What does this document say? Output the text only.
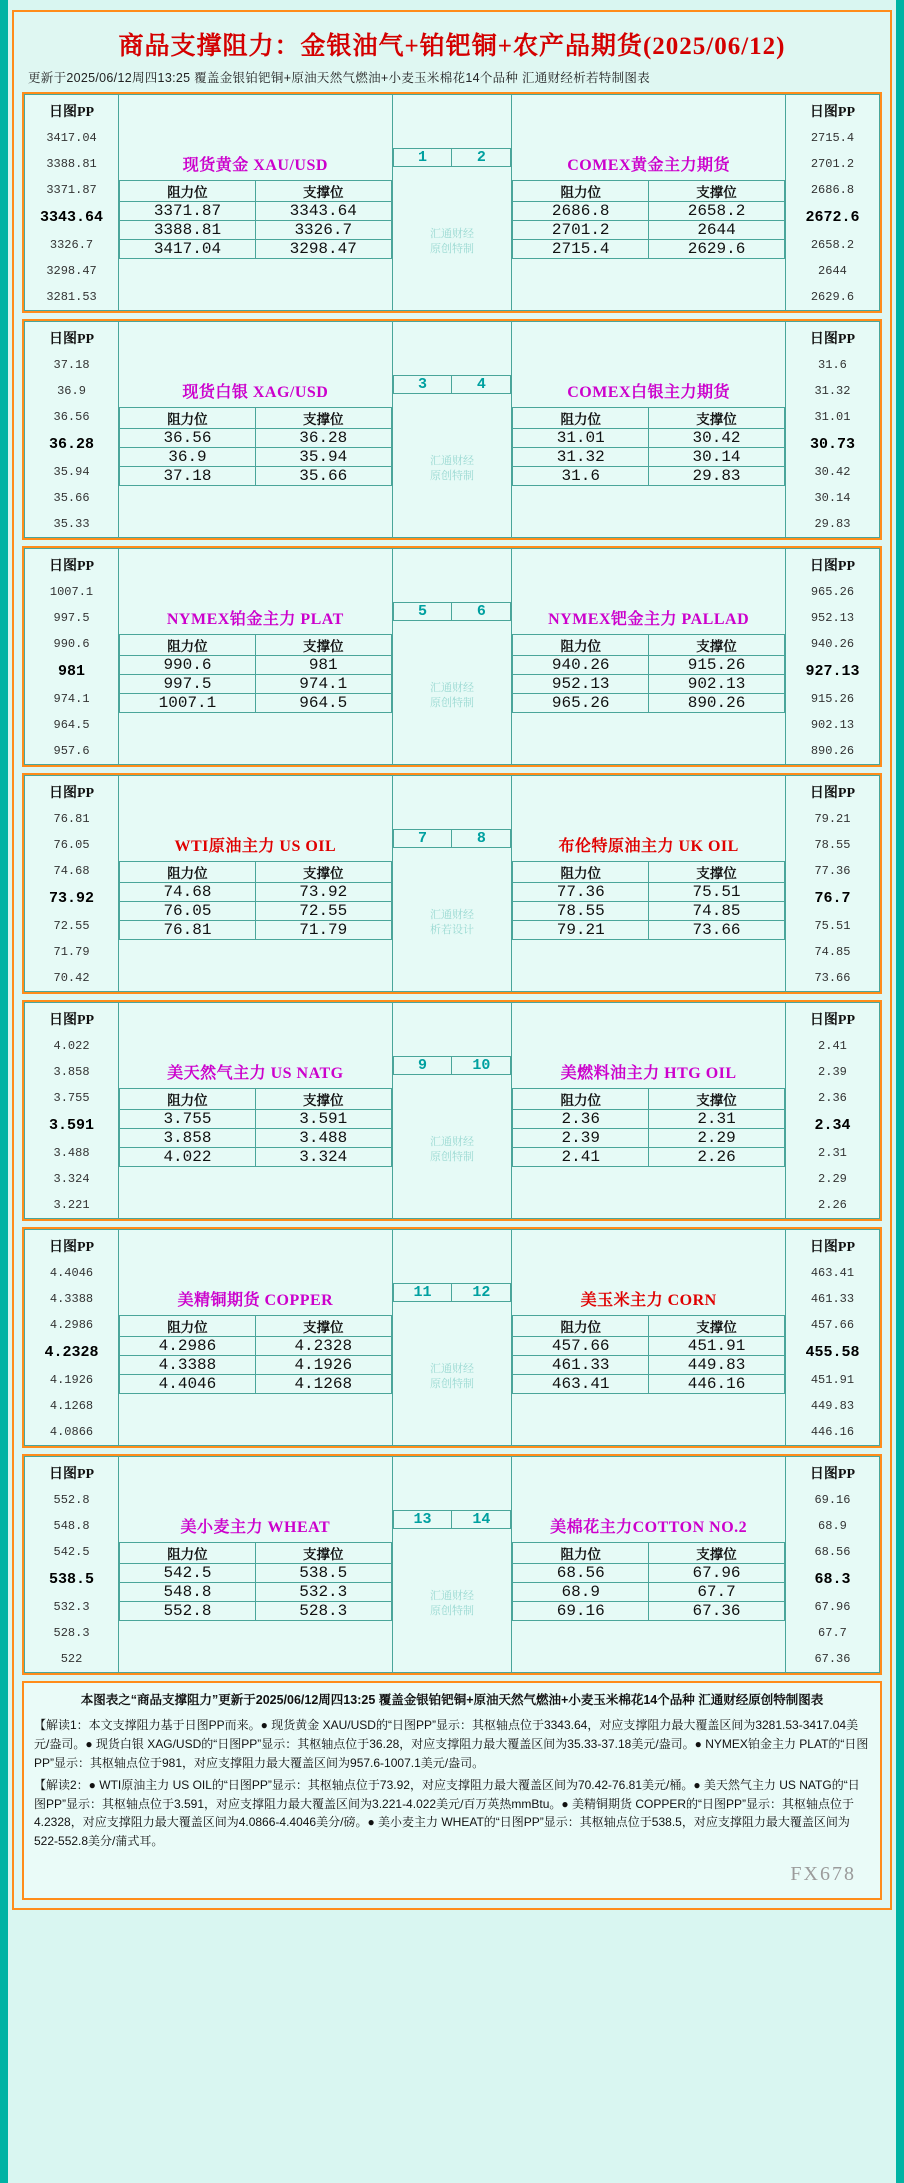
商品支撑阻力：金银油气+铂钯铜+农产品期货(2025/06/12)
更新于2025/06/12周四13:25 覆盖金银铂钯铜+原油天然气燃油+小麦玉米棉花14个品种 汇通财经析若特制图表
日图PP
3417.04
3388.81
3371.87
3343.64
3326.7
3298.47
3281.53

现货黄金 XAU/USD
阻力位	支撑位
3371.87	3343.64
3388.81	3326.7
3417.04	3298.47

1	2
汇通财经
原创特制

COMEX黄金主力期货
阻力位	支撑位
2686.8	2658.2
2701.2	2644
2715.4	2629.6

日图PP
2715.4
2701.2
2686.8
2672.6
2658.2
2644
2629.6
日图PP
37.18
36.9
36.56
36.28
35.94
35.66
35.33

现货白银 XAG/USD
阻力位	支撑位
36.56	36.28
36.9	35.94
37.18	35.66

3	4
汇通财经
原创特制

COMEX白银主力期货
阻力位	支撑位
31.01	30.42
31.32	30.14
31.6	29.83

日图PP
31.6
31.32
31.01
30.73
30.42
30.14
29.83
日图PP
1007.1
997.5
990.6
981
974.1
964.5
957.6

NYMEX铂金主力 PLAT
阻力位	支撑位
990.6	981
997.5	974.1
1007.1	964.5

5	6
汇通财经
原创特制

NYMEX钯金主力 PALLAD
阻力位	支撑位
940.26	915.26
952.13	902.13
965.26	890.26

日图PP
965.26
952.13
940.26
927.13
915.26
902.13
890.26
日图PP
76.81
76.05
74.68
73.92
72.55
71.79
70.42

WTI原油主力 US OIL
阻力位	支撑位
74.68	73.92
76.05	72.55
76.81	71.79

7	8
汇通财经
析若设计

布伦特原油主力 UK OIL
阻力位	支撑位
77.36	75.51
78.55	74.85
79.21	73.66

日图PP
79.21
78.55
77.36
76.7
75.51
74.85
73.66
日图PP
4.022
3.858
3.755
3.591
3.488
3.324
3.221

美天然气主力 US NATG
阻力位	支撑位
3.755	3.591
3.858	3.488
4.022	3.324

9	10
汇通财经
原创特制

美燃料油主力 HTG OIL
阻力位	支撑位
2.36	2.31
2.39	2.29
2.41	2.26

日图PP
2.41
2.39
2.36
2.34
2.31
2.29
2.26
日图PP
4.4046
4.3388
4.2986
4.2328
4.1926
4.1268
4.0866

美精铜期货 COPPER
阻力位	支撑位
4.2986	4.2328
4.3388	4.1926
4.4046	4.1268

11	12
汇通财经
原创特制

美玉米主力 CORN
阻力位	支撑位
457.66	451.91
461.33	449.83
463.41	446.16

日图PP
463.41
461.33
457.66
455.58
451.91
449.83
446.16
日图PP
552.8
548.8
542.5
538.5
532.3
528.3
522

美小麦主力 WHEAT
阻力位	支撑位
542.5	538.5
548.8	532.3
552.8	528.3

13	14
汇通财经
原创特制

美棉花主力COTTON NO.2
阻力位	支撑位
68.56	67.96
68.9	67.7
69.16	67.36

日图PP
69.16
68.9
68.56
68.3
67.96
67.7
67.36
本图表之“商品支撑阻力”更新于2025/06/12周四13:25 覆盖金银铂钯铜+原油天然气燃油+小麦玉米棉花14个品种 汇通财经原创特制图表
【解读1：本文支撑阻力基于日图PP而来。● 现货黄金 XAU/USD的“日图PP”显示：其枢轴点位于3343.64，对应支撑阻力最大覆盖区间为3281.53-3417.04美元/盎司。● 现货白银 XAG/USD的“日图PP”显示：其枢轴点位于36.28，对应支撑阻力最大覆盖区间为35.33-37.18美元/盎司。● NYMEX铂金主力 PLAT的“日图PP”显示：其枢轴点位于981，对应支撑阻力最大覆盖区间为957.6-1007.1美元/盎司。
【解读2：● WTI原油主力 US OIL的“日图PP”显示：其枢轴点位于73.92，对应支撑阻力最大覆盖区间为70.42-76.81美元/桶。● 美天然气主力 US NATG的“日图PP”显示：其枢轴点位于3.591，对应支撑阻力最大覆盖区间为3.221-4.022美元/百万英热mmBtu。● 美精铜期货 COPPER的“日图PP”显示：其枢轴点位于4.2328，对应支撑阻力最大覆盖区间为4.0866-4.4046美分/磅。● 美小麦主力 WHEAT的“日图PP”显示：其枢轴点位于538.5，对应支撑阻力最大覆盖区间为522-552.8美分/蒲式耳。
FX678
